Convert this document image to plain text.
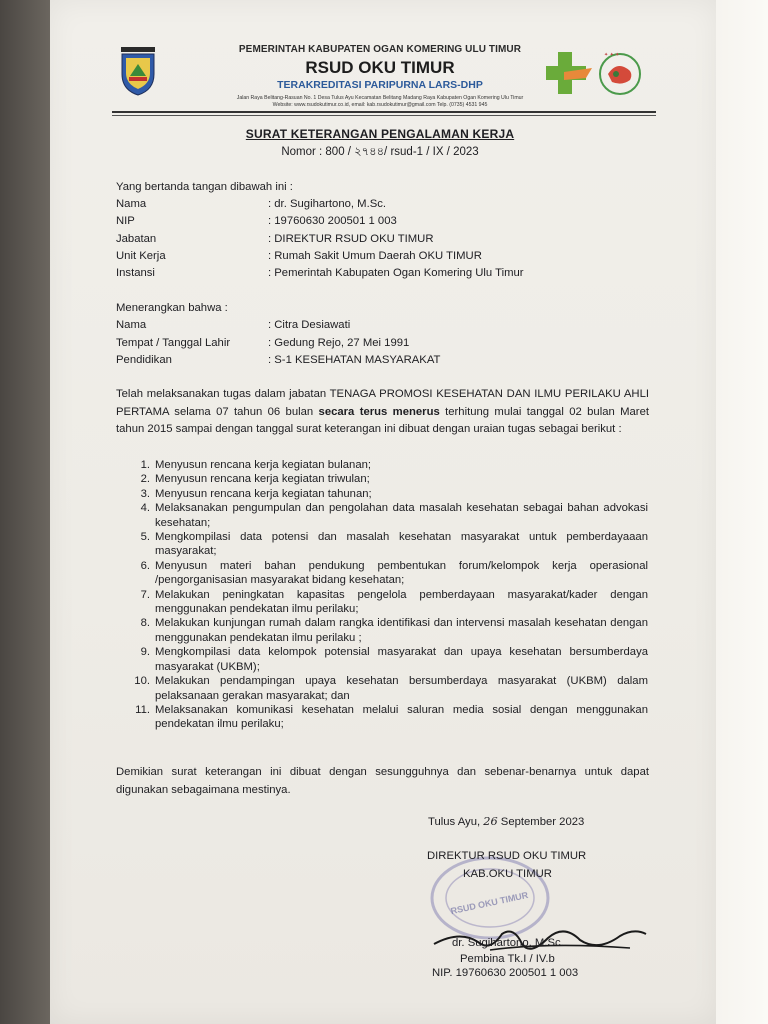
✦ ✦ ✦
PEMERINTAH KABUPATEN OGAN KOMERING ULU TIMUR
RSUD OKU TIMUR
TERAKREDITASI PARIPURNA LARS-DHP
Jalan Raya Belitang-Rasuan No. 1 Desa Tulus Ayu Kecamatan Belitang Madang Raya Kabupaten Ogan Komering Ulu Timur
Website: www.rsudokutimur.co.id, email: kab.rsudokutimur@gmail.com Telp. (0735) 4531 945
SURAT KETERANGAN PENGALAMAN KERJA
Nomor : 800 / ২৭৪৪/ rsud-1 / IX / 2023
Yang bertanda tangan dibawah ini :
Nama	: dr. Sugihartono, M.Sc.
NIP	: 19760630 200501 1 003
Jabatan	: DIREKTUR RSUD OKU TIMUR
Unit Kerja	: Rumah Sakit Umum Daerah OKU TIMUR
Instansi	: Pemerintah Kabupaten Ogan Komering Ulu Timur
Menerangkan bahwa :
Nama	: Citra Desiawati
Tempat / Tanggal Lahir	: Gedung Rejo, 27 Mei 1991
Pendidikan	: S-1 KESEHATAN MASYARAKAT
Telah melaksanakan tugas dalam jabatan TENAGA PROMOSI KESEHATAN DAN ILMU PERILAKU AHLI PERTAMA selama 07 tahun 06 bulan secara terus menerus terhitung mulai tanggal 02 bulan Maret tahun 2015 sampai dengan tanggal surat keterangan ini dibuat dengan uraian tugas sebagai berikut :
1. Menyusun rencana kerja kegiatan bulanan;
2. Menyusun rencana kerja kegiatan triwulan;
3. Menyusun rencana kerja kegiatan tahunan;
4. Melaksanakan pengumpulan dan pengolahan data masalah kesehatan sebagai bahan advokasi kesehatan;
5. Mengkompilasi data potensi dan masalah kesehatan masyarakat untuk pemberdayaaan masyarakat;
6. Menyusun materi bahan pendukung pembentukan forum/kelompok kerja operasional /pengorganisasian masyarakat bidang kesehatan;
7. Melakukan peningkatan kapasitas pengelola pemberdayaan masyarakat/kader dengan menggunakan pendekatan ilmu perilaku;
8. Melakukan kunjungan rumah dalam rangka identifikasi dan intervensi masalah kesehatan dengan menggunakan pendekatan ilmu perilaku ;
9. Mengkompilasi data kelompok potensial masyarakat dan upaya kesehatan bersumberdaya masyarakat (UKBM);
10. Melakukan pendampingan upaya kesehatan bersumberdaya masyarakat (UKBM) dalam pelaksanaan gerakan masyarakat; dan
11. Melaksanakan komunikasi kesehatan melalui saluran media sosial dengan menggunakan pendekatan ilmu perilaku;
Demikian surat keterangan ini dibuat dengan sesungguhnya dan sebenar-benarnya untuk dapat digunakan sebagaimana mestinya.
Tulus Ayu, 26 September 2023
RSUD OKU TIMUR
DIREKTUR RSUD OKU TIMUR
KAB.OKU TIMUR
dr. Sugihartono, M.Sc.
Pembina Tk.I / IV.b
NIP. 19760630 200501 1 003
